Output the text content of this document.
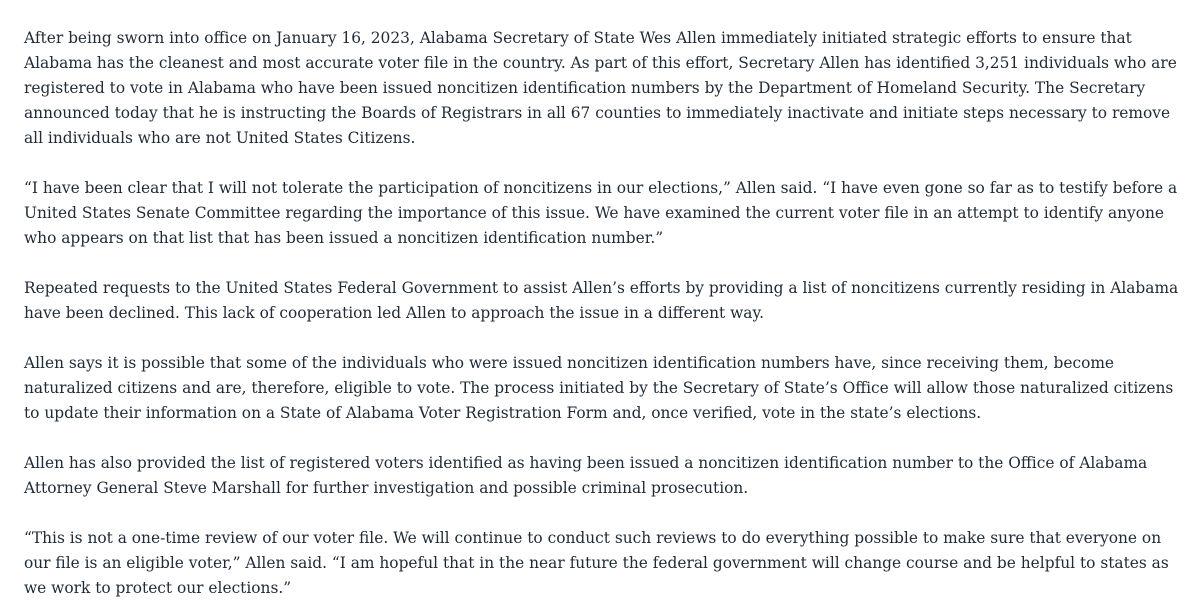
After being sworn into office on January 16, 2023, Alabama Secretary of State Wes Allen immediately initiated strategic efforts to ensure that Alabama has the cleanest and most accurate voter file in the country. As part of this effort, Secretary Allen has identified 3,251 individuals who are registered to vote in Alabama who have been issued noncitizen identification numbers by the Department of Homeland Security. The Secretary announced today that he is instructing the Boards of Registrars in all 67 counties to immediately inactivate and initiate steps necessary to remove all individuals who are not United States Citizens.

“I have been clear that I will not tolerate the participation of noncitizens in our elections,” Allen said. “I have even gone so far as to testify before a United States Senate Committee regarding the importance of this issue. We have examined the current voter file in an attempt to identify anyone who appears on that list that has been issued a noncitizen identification number.”

Repeated requests to the United States Federal Government to assist Allen’s efforts by providing a list of noncitizens currently residing in Alabama have been declined. This lack of cooperation led Allen to approach the issue in a different way.

Allen says it is possible that some of the individuals who were issued noncitizen identification numbers have, since receiving them, become naturalized citizens and are, therefore, eligible to vote. The process initiated by the Secretary of State’s Office will allow those naturalized citizens to update their information on a State of Alabama Voter Registration Form and, once verified, vote in the state’s elections.

Allen has also provided the list of registered voters identified as having been issued a noncitizen identification number to the Office of Alabama Attorney General Steve Marshall for further investigation and possible criminal prosecution.

“This is not a one-time review of our voter file. We will continue to conduct such reviews to do everything possible to make sure that everyone on our file is an eligible voter,” Allen said. “I am hopeful that in the near future the federal government will change course and be helpful to states as we work to protect our elections.”
